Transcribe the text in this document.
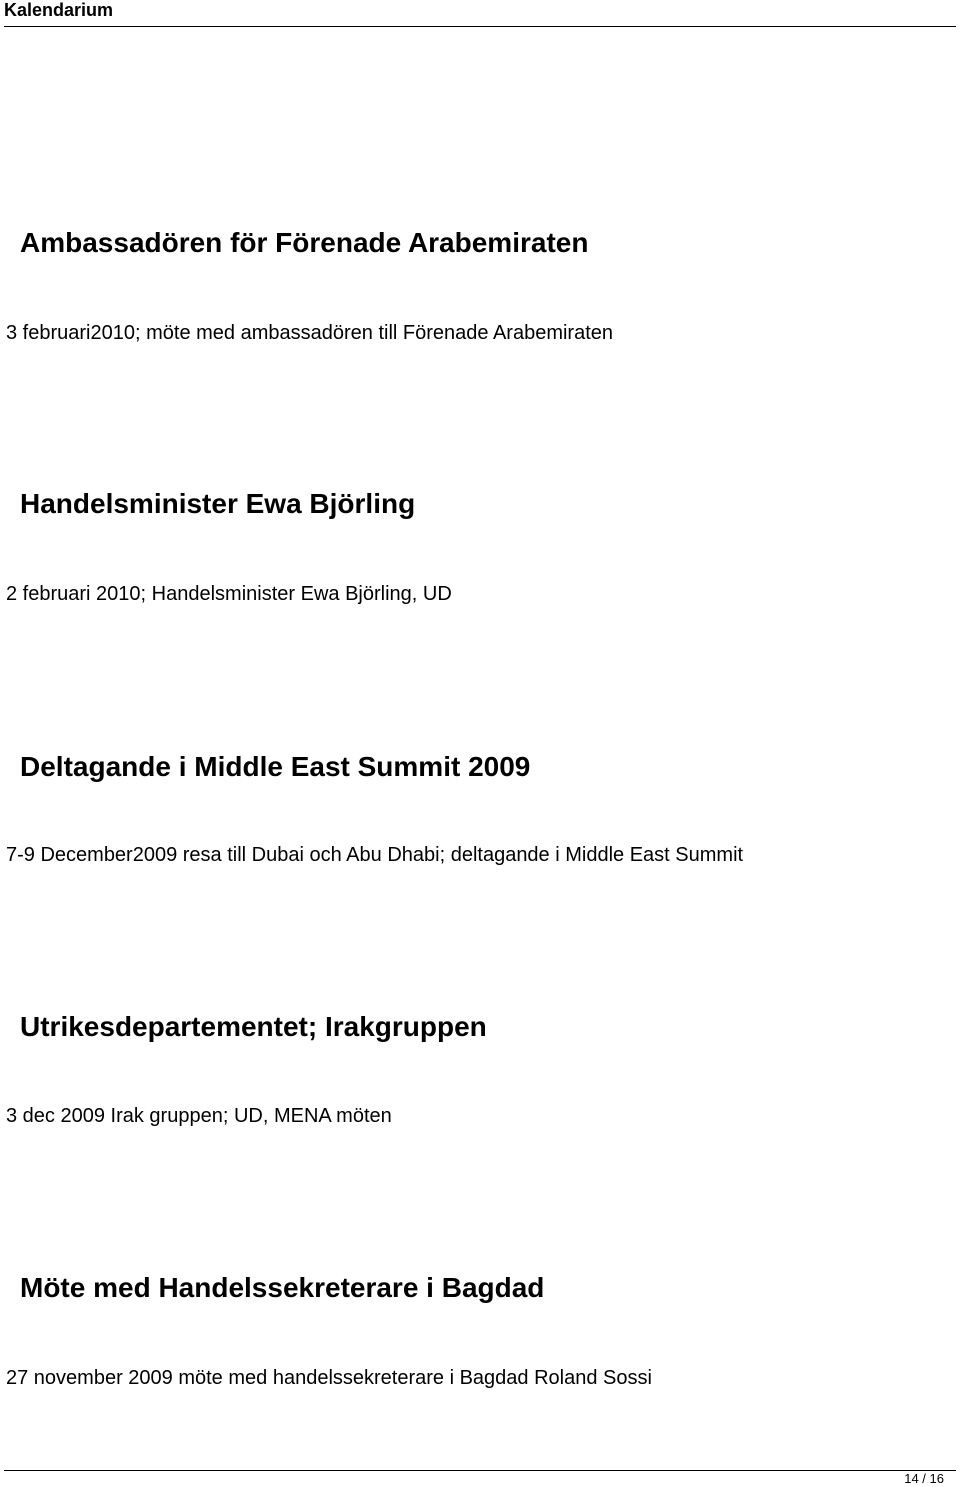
Kalendarium
Ambassadören för Förenade Arabemiraten

3 februari2010; möte med ambassadören till Förenade Arabemiraten

Handelsminister Ewa Björling

2 februari 2010; Handelsminister Ewa Björling, UD

Deltagande i Middle East Summit 2009

7-9 December2009 resa till Dubai och Abu Dhabi; deltagande i Middle East Summit

Utrikesdepartementet; Irakgruppen

3 dec 2009 Irak gruppen; UD, MENA möten

Möte med Handelssekreterare i Bagdad

27 november 2009 möte med handelssekreterare i Bagdad Roland Sossi

14 / 16
